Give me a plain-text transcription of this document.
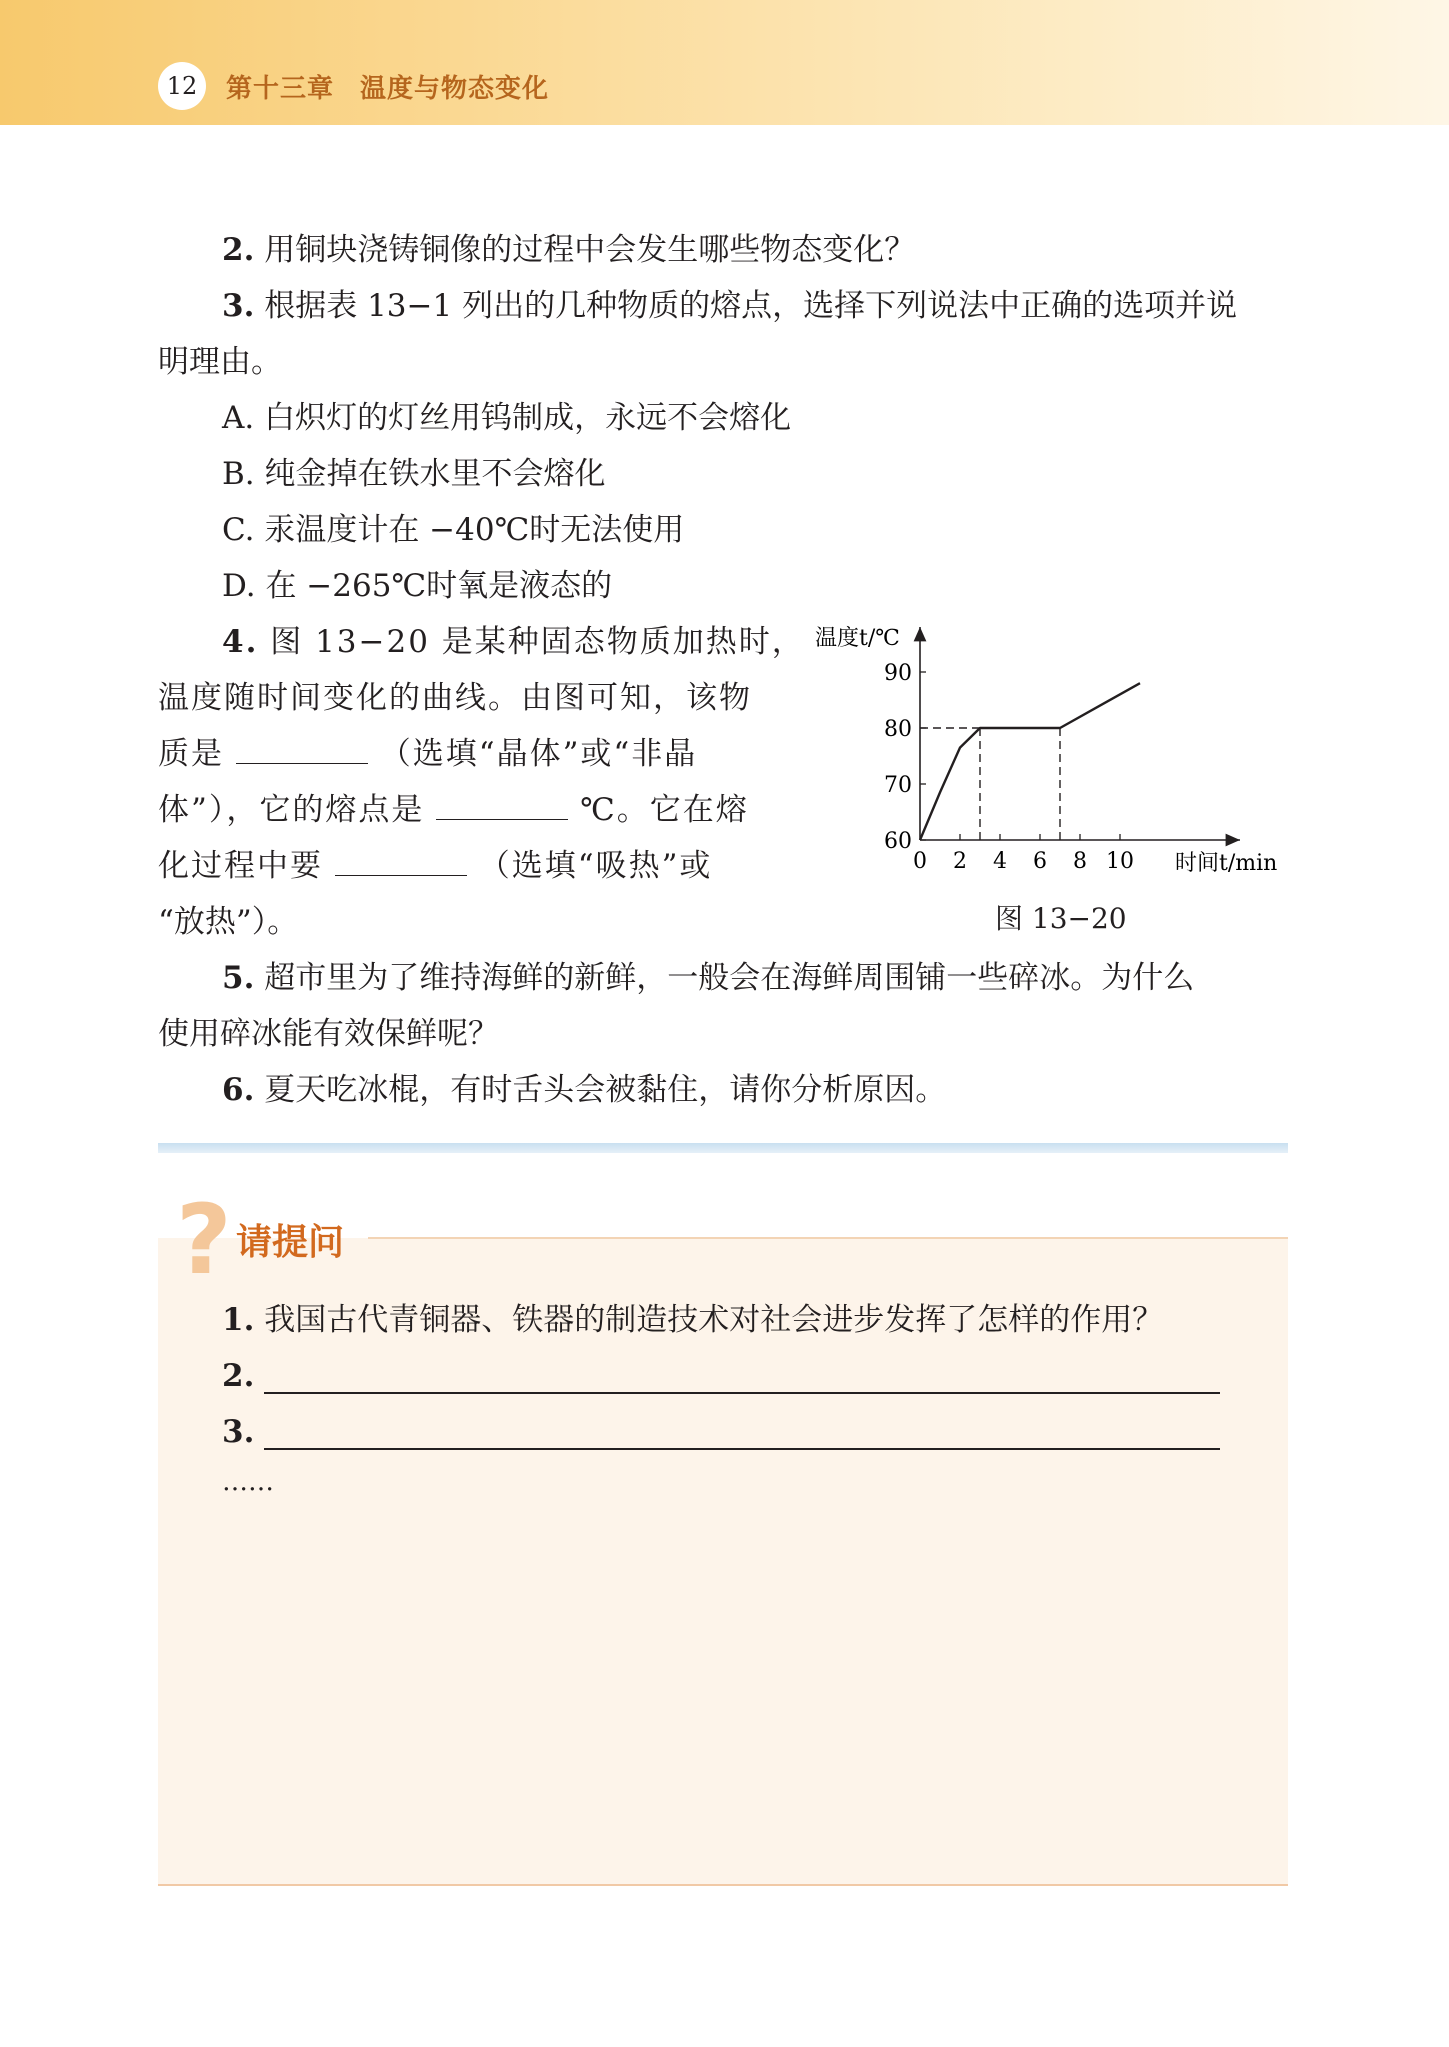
12	第十三章 温度与物态变化
2. 用铜块浇铸铜像的过程中会发生哪些物态变化？
3. 根据表 13−1 列出的几种物质的熔点，选择下列说法中正确的选项并说
明理由。
A. 白炽灯的灯丝用钨制成，永远不会熔化
B. 纯金掉在铁水里不会熔化
C. 汞温度计在 −40℃时无法使用
D. 在 −265℃时氧是液态的
4. 图 13−20 是某种固态物质加热时，
温度随时间变化的曲线。由图可知，该物
质是	（选填“晶体”或“非晶
体”），它的熔点是	℃。它在熔
化过程中要	（选填“吸热”或
“放热”）。
温度t/℃
时间t/min
60
70
80
90
0 2 4 6 8 10
图 13−20
5. 超市里为了维持海鲜的新鲜，一般会在海鲜周围铺一些碎冰。为什么
使用碎冰能有效保鲜呢？
6. 夏天吃冰棍，有时舌头会被黏住，请你分析原因。
? 请提问
1. 我国古代青铜器、铁器的制造技术对社会进步发挥了怎样的作用？
2.
3.
……
